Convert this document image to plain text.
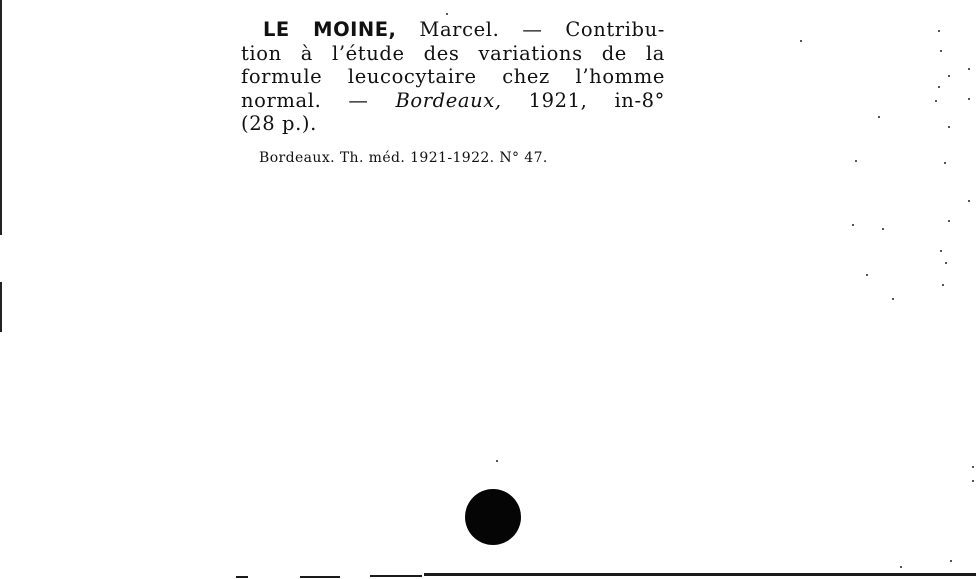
LE MOINE, Marcel. — Contribu-
tion à l’étude des variations de la
formule leucocytaire chez l’homme
normal. — Bordeaux, 1921, in-8°
(28 p.).
Bordeaux. Th. méd. 1921-1922. N° 47.
